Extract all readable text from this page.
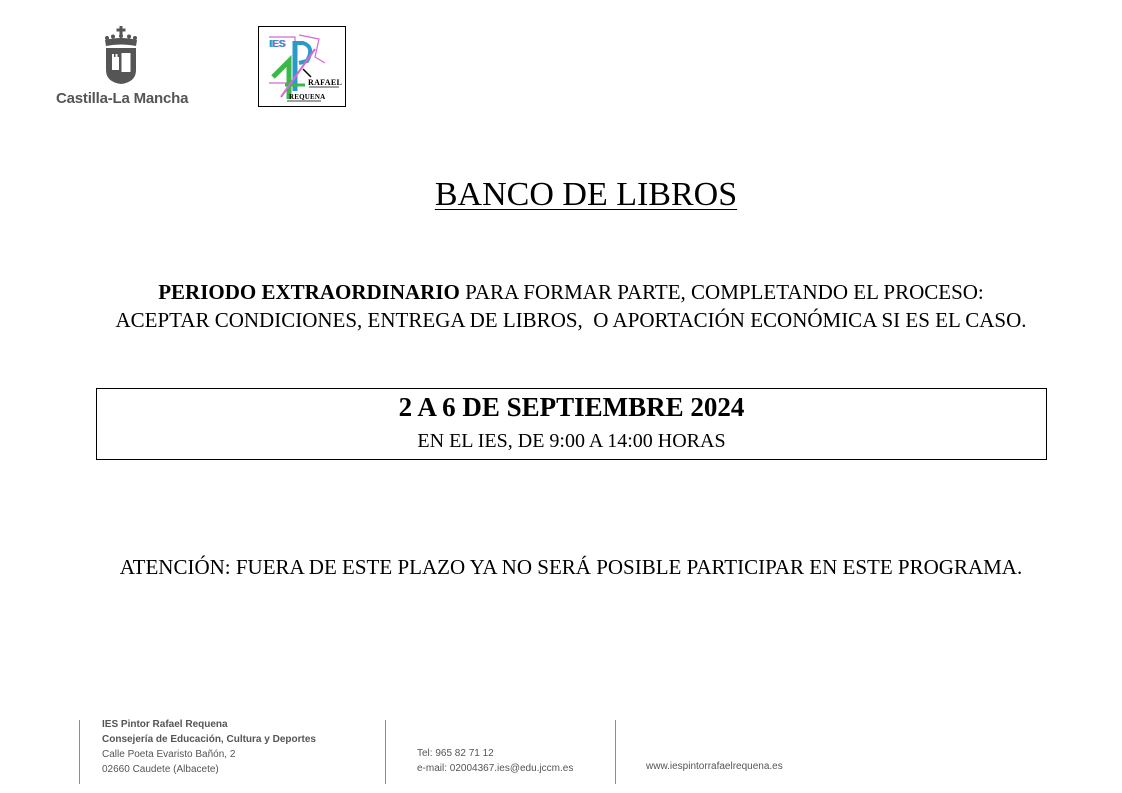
Castilla-La Mancha
IES
RAFAEL
REQUENA
BANCO DE LIBROS
PERIODO EXTRAORDINARIO PARA FORMAR PARTE, COMPLETANDO EL PROCESO:
ACEPTAR CONDICIONES, ENTREGA DE LIBROS,  O APORTACIÓN ECONÓMICA SI ES EL CASO.
2 A 6 DE SEPTIEMBRE 2024
EN EL IES, DE 9:00 A 14:00 HORAS
ATENCIÓN: FUERA DE ESTE PLAZO YA NO SERÁ POSIBLE PARTICIPAR EN ESTE PROGRAMA.
IES Pintor Rafael Requena
Consejería de Educación, Cultura y Deportes
Calle Poeta Evaristo Bañón, 2
02660 Caudete (Albacete)
Tel: 965 82 71 12
e-mail: 02004367.ies@edu.jccm.es	www.iespintorrafaelrequena.es
